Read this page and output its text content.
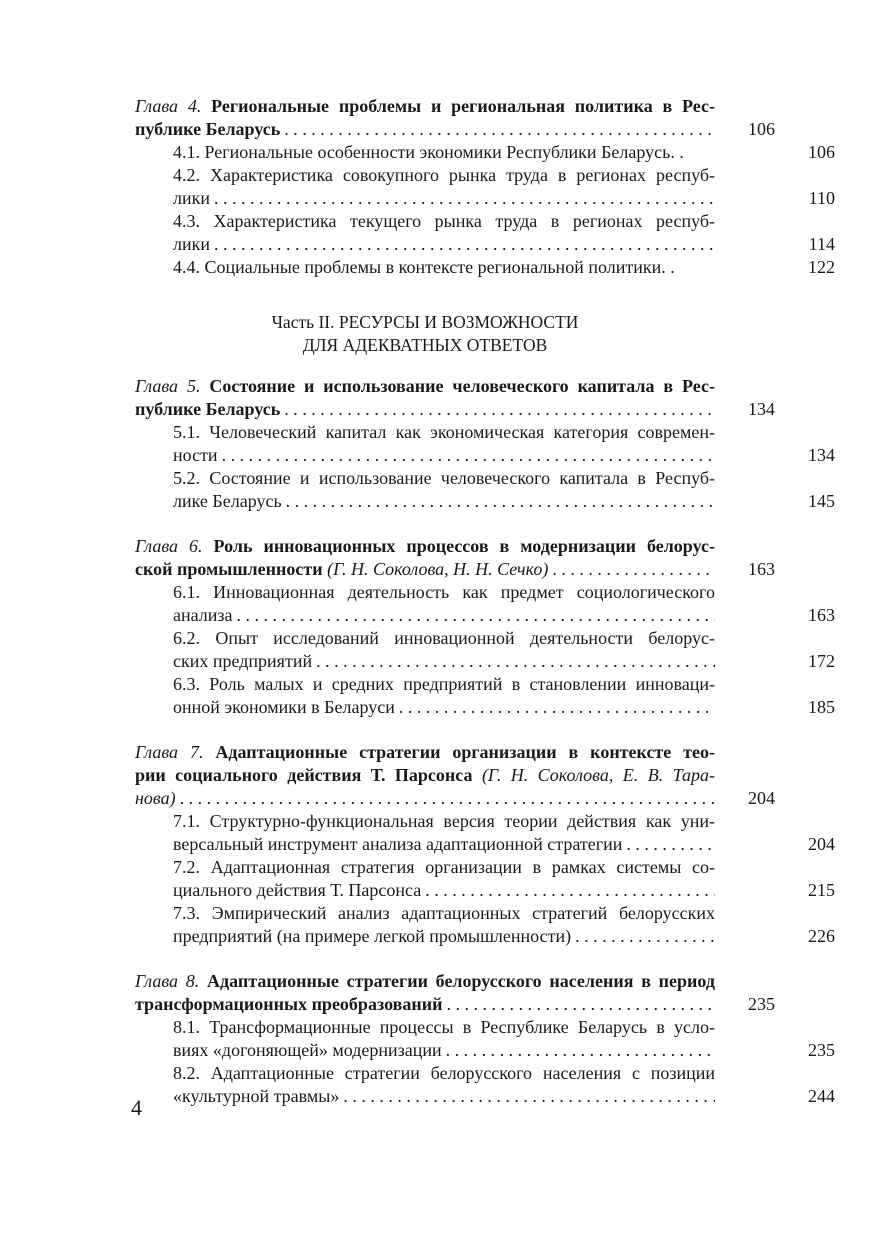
Глава 4. Региональные проблемы и региональная политика в Рес-
публике Беларусь . . .	106
4.1. Региональные особенности экономики Республики Беларусь. .	106
4.2. Характеристика совокупного рынка труда в регионах респуб-
лики . . .	110
4.3. Характеристика текущего рынка труда в регионах респуб-
лики . . .	114
4.4. Социальные проблемы в контексте региональной политики. .	122
Часть II. РЕСУРСЫ И ВОЗМОЖНОСТИ
ДЛЯ АДЕКВАТНЫХ ОТВЕТОВ
Глава 5. Состояние и использование человеческого капитала в Рес-
публике Беларусь . . .	134
5.1. Человеческий капитал как экономическая категория современ-
ности . . .	134
5.2. Состояние и использование человеческого капитала в Респуб-
лике Беларусь . . .	145
Глава 6. Роль инновационных процессов в модернизации белорус-
ской промышленности (Г. Н. Соколова, Н. Н. Сечко) . . .	163
6.1. Инновационная деятельность как предмет социологического
анализа . . .	163
6.2. Опыт исследований инновационной деятельности белорус-
ских предприятий . . .	172
6.3. Роль малых и средних предприятий в становлении инноваци-
онной экономики в Беларуси . . .	185
Глава 7. Адаптационные стратегии организации в контексте тео-
рии социального действия Т. Парсонса (Г. Н. Соколова, Е. В. Тара-
нова) . . .	204
7.1. Структурно-функциональная версия теории действия как уни-
версальный инструмент анализа адаптационной стратегии . . .	204
7.2. Адаптационная стратегия организации в рамках системы со-
циального действия Т. Парсонса . . .	215
7.3. Эмпирический анализ адаптационных стратегий белорусских
предприятий (на примере легкой промышленности) . . .	226
Глава 8. Адаптационные стратегии белорусского населения в период
трансформационных преобразований . . .	235
8.1. Трансформационные процессы в Республике Беларусь в усло-
виях «догоняющей» модернизации . . .	235
8.2. Адаптационные стратегии белорусского населения с позиции
«культурной травмы» . . .	244
4
